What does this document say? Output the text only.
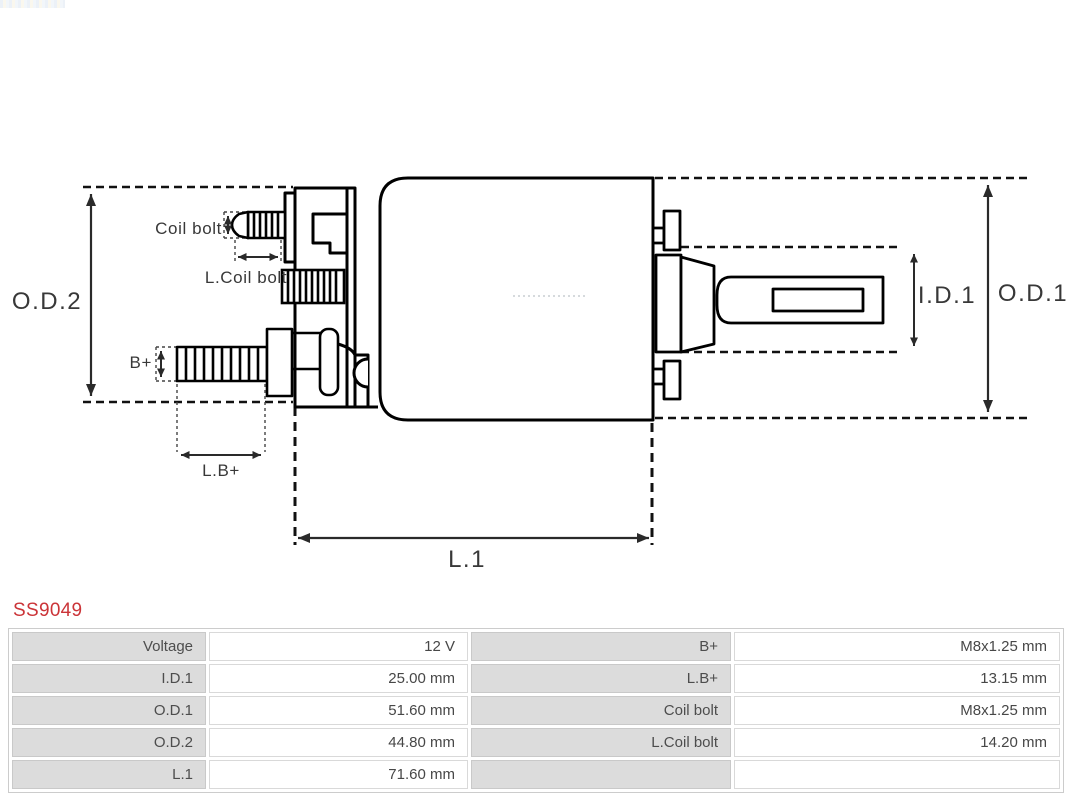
O.D.2	O.D.1
I.D.1
L.1
Coil bolt
L.Coil bolt
B+
L.B+
SS9049
Voltage	12 V	B+	M8x1.25 mm
I.D.1	25.00 mm	L.B+	13.15 mm
O.D.1	51.60 mm	Coil bolt	M8x1.25 mm
O.D.2	44.80 mm	L.Coil bolt	14.20 mm
L.1	71.60 mm
